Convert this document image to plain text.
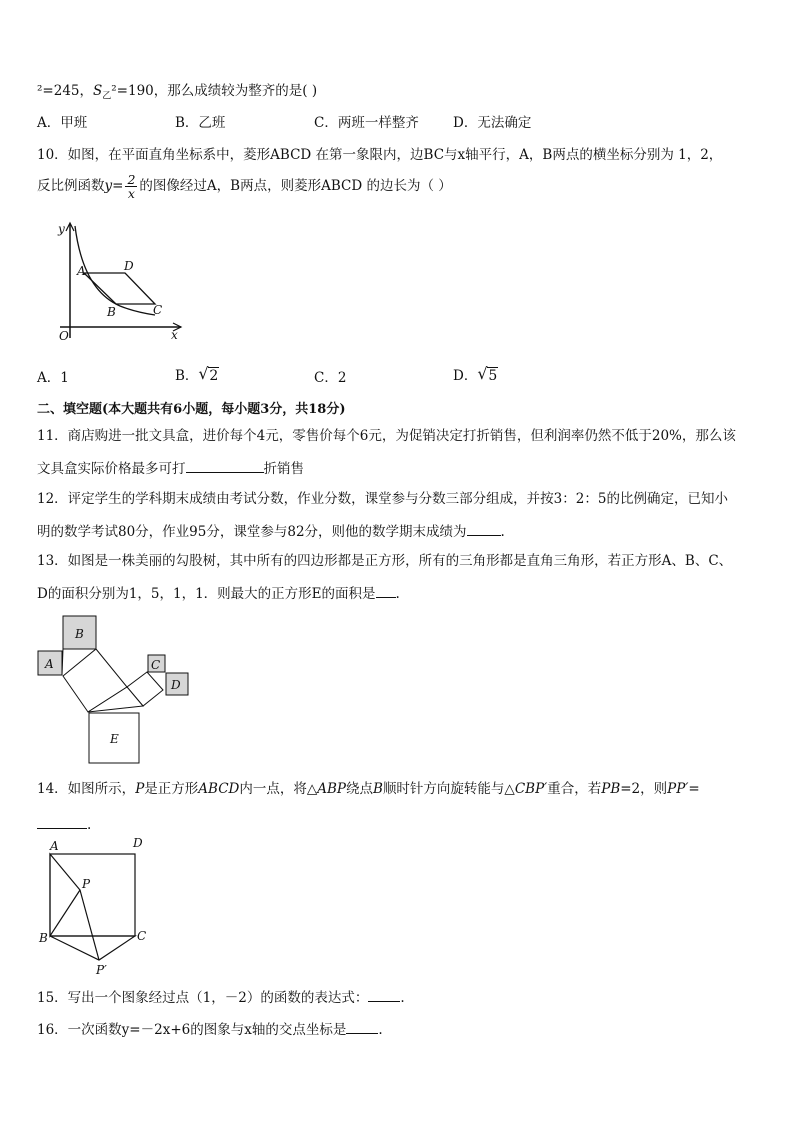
²=245，$S_乙^2=190$，那么成绩较为整齐的是( )
A．甲班	B．乙班	C．两班一样整齐	D．无法确定
10．如图，在平面直角坐标系中，菱形ABCD 在第一象限内，边BC与x轴平行，A，B两点的横坐标分别为 1，2，
反比例函数$y= \frac{2}{x}$ 的图像经过A，B两点，则菱形ABCD 的边长为（ ）
y
x
O
A
B	C
D
A．1	B． √ 2	C．2	D． √ 5
二、填空题(本大题共有6小题，每小题3分，共18分)
11．商店购进一批文具盒，进价每个4元，零售价每个6元，为促销决定打折销售，但利润率仍然不低于20%，那么该
文具盒实际价格最多可打	折销售
12．评定学生的学科期末成绩由考试分数，作业分数，课堂参与分数三部分组成，并按3：2：5的比例确定，已知小
明的数学考试80分，作业95分，课堂参与82分，则他的数学期末成绩为	.
13．如图是一株美丽的勾股树，其中所有的四边形都是正方形，所有的三角形都是直角三角形，若正方形A、B、C、
D的面积分别为1，5，1，1．则最大的正方形E的面积是 .
B
A	C
D
E
14．如图所示，P是正方形ABCD内一点，将△ABP绕点B顺时针方向旋转能与△CBP′重合，若PB=2，则PP′=
.
A	D
B	C
P
P′
15．写出一个图象经过点（1，－2）的函数的表达式： .
16．一次函数y=－2x+6的图象与x轴的交点坐标是 .
